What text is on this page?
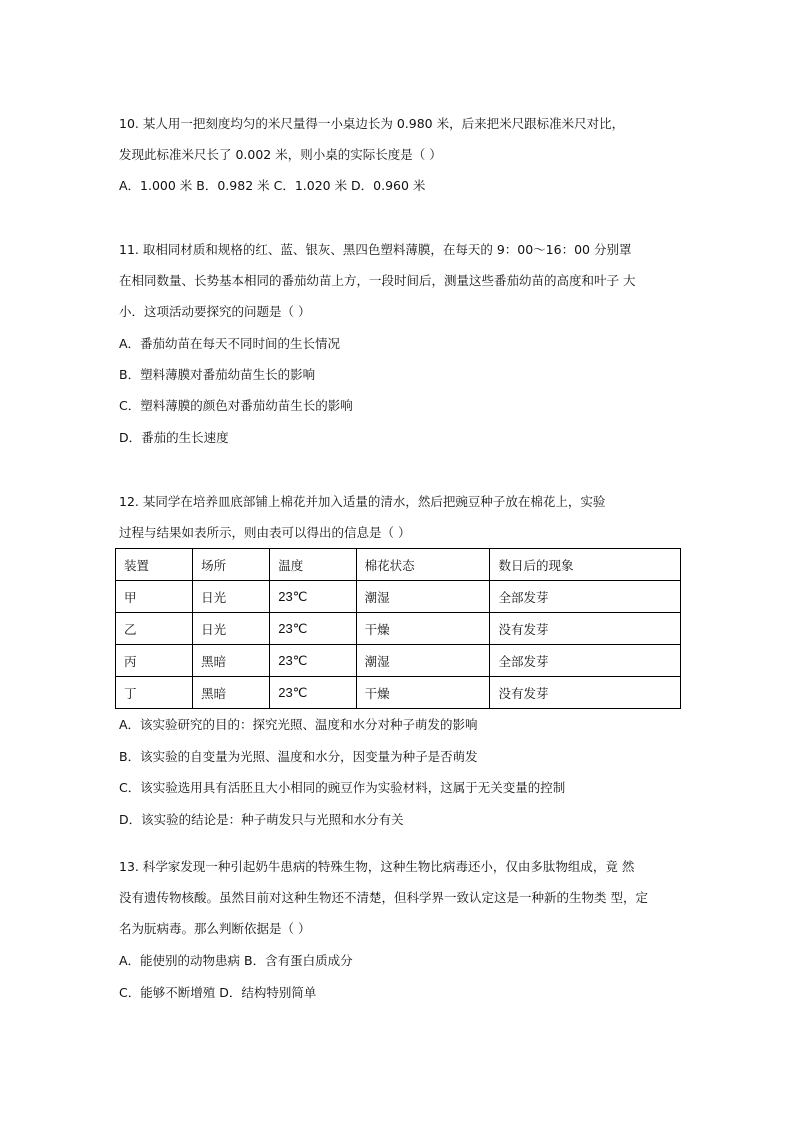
10. 某人用一把刻度均匀的米尺量得一小桌边长为 0.980 米，后来把米尺跟标准米尺对比，
发现此标准米尺长了 0.002 米，则小桌的实际长度是（ ）
A．1.000 米 B．0.982 米 C．1.020 米 D．0.960 米
11. 取相同材质和规格的红、蓝、银灰、黑四色塑料薄膜，在每天的 9：00～16：00 分别罩
在相同数量、长势基本相同的番茄幼苗上方，一段时间后，测量这些番茄幼苗的高度和叶子 大
小．这项活动要探究的问题是（ ）
A．番茄幼苗在每天不同时间的生长情况
B．塑料薄膜对番茄幼苗生长的影响
C．塑料薄膜的颜色对番茄幼苗生长的影响
D．番茄的生长速度
12. 某同学在培养皿底部铺上棉花并加入适量的清水，然后把豌豆种子放在棉花上，实验
过程与结果如表所示，则由表可以得出的信息是（ ）
装置	场所	温度	棉花状态	数日后的现象
甲	日光	23℃	潮湿	全部发芽
乙	日光	23℃	干燥	没有发芽
丙	黑暗	23℃	潮湿	全部发芽
丁	黑暗	23℃	干燥	没有发芽
A．该实验研究的目的：探究光照、温度和水分对种子萌发的影响
B．该实验的自变量为光照、温度和水分，因变量为种子是否萌发
C．该实验选用具有活胚且大小相同的豌豆作为实验材料，这属于无关变量的控制
D．该实验的结论是：种子萌发只与光照和水分有关
13. 科学家发现一种引起奶牛患病的特殊生物，这种生物比病毒还小，仅由多肽物组成，竟 然
没有遗传物核酸。虽然目前对这种生物还不清楚，但科学界一致认定这是一种新的生物类 型，定
名为朊病毒。那么判断依据是（ ）
A．能使别的动物患病 B．含有蛋白质成分
C．能够不断增殖 D．结构特别简单
